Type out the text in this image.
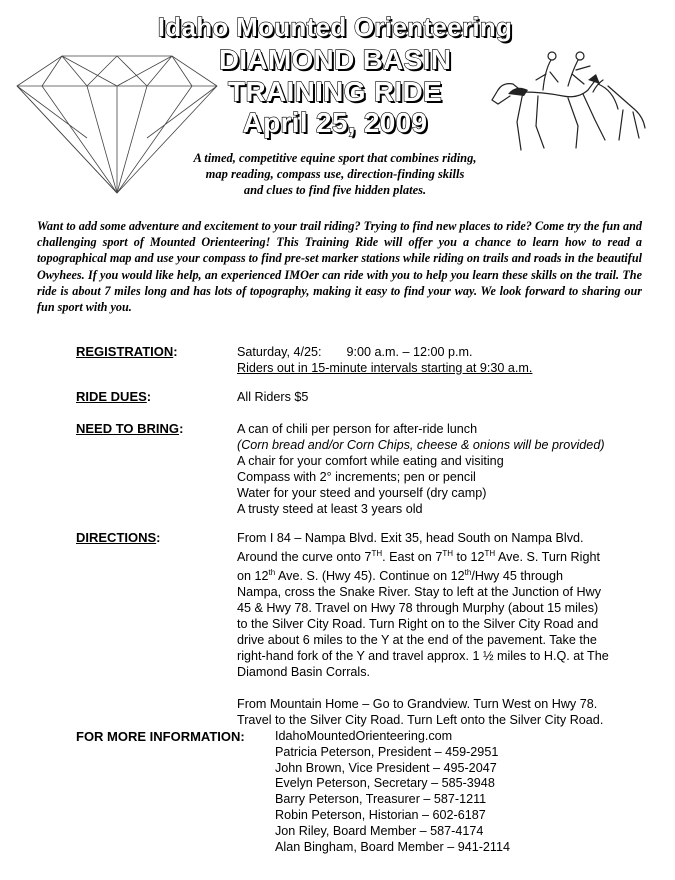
Idaho Mounted Orienteering
DIAMOND BASIN
TRAINING RIDE
April 25, 2009
A timed, competitive equine sport that combines riding,
map reading, compass use, direction-finding skills
and clues to find five hidden plates.
Want to add some adventure and excitement to your trail riding? Trying to find new places to ride? Come try the fun and challenging sport of Mounted Orienteering! This Training Ride will offer you a chance to learn how to read a topographical map and use your compass to find pre-set marker stations while riding on trails and roads in the beautiful Owyhees. If you would like help, an experienced IMOer can ride with you to help you learn these skills on the trail. The ride is about 7 miles long and has lots of topography, making it easy to find your way. We look forward to sharing our fun sport with you.
REGISTRATION:	Saturday, 4/25: 9:00 a.m. – 12:00 p.m.
Riders out in 15-minute intervals starting at 9:30 a.m.
RIDE DUES:	All Riders $5
NEED TO BRING:	A can of chili per person for after-ride lunch
(Corn bread and/or Corn Chips, cheese & onions will be provided)
A chair for your comfort while eating and visiting
Compass with 2° increments; pen or pencil
Water for your steed and yourself (dry camp)
A trusty steed at least 3 years old
DIRECTIONS:	From I 84 – Nampa Blvd. Exit 35, head South on Nampa Blvd.
Around the curve onto 7TH. East on 7TH to 12TH Ave. S. Turn Right
on 12th Ave. S. (Hwy 45). Continue on 12th/Hwy 45 through
Nampa, cross the Snake River. Stay to left at the Junction of Hwy
45 & Hwy 78. Travel on Hwy 78 through Murphy (about 15 miles)
to the Silver City Road. Turn Right on to the Silver City Road and
drive about 6 miles to the Y at the end of the pavement. Take the
right-hand fork of the Y and travel approx. 1 ½ miles to H.Q. at The
Diamond Basin Corrals.
From Mountain Home – Go to Grandview. Turn West on Hwy 78.
Travel to the Silver City Road. Turn Left onto the Silver City Road.
FOR MORE INFORMATION: IdahoMountedOrienteering.com
Patricia Peterson, President – 459-2951
John Brown, Vice President – 495-2047
Evelyn Peterson, Secretary – 585-3948
Barry Peterson, Treasurer – 587-1211
Robin Peterson, Historian – 602-6187
Jon Riley, Board Member – 587-4174
Alan Bingham, Board Member – 941-2114
